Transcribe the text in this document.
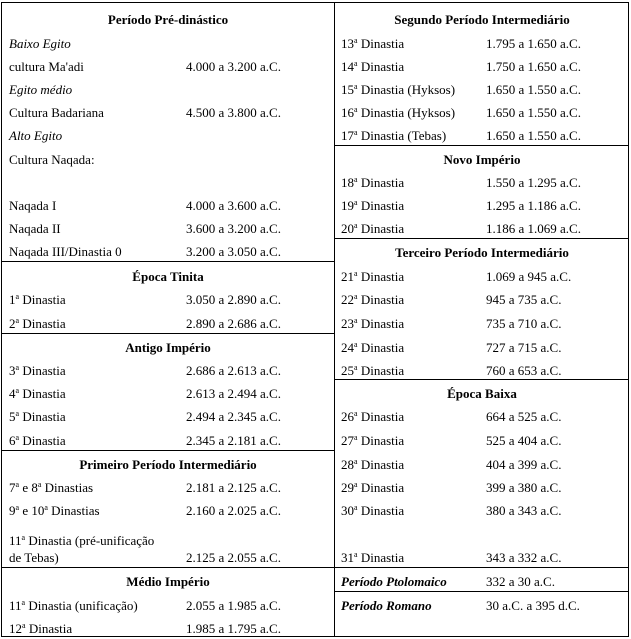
Período Pré-dinástico
Baixo Egito
cultura Ma'adi	4.000 a 3.200 a.C.
Egito médio
Cultura Badariana	4.500 a 3.800 a.C.
Alto Egito
Cultura Naqada:
Naqada I	4.000 a 3.600 a.C.
Naqada II	3.600 a 3.200 a.C.
Naqada III/Dinastia 0	3.200 a 3.050 a.C.
Época Tinita
1$^a$ Dinastia	3.050 a 2.890 a.C.
2$^a$ Dinastia	2.890 a 2.686 a.C.
Antigo Império
3$^a$ Dinastia	2.686 a 2.613 a.C.
4$^a$ Dinastia	2.613 a 2.494 a.C.
5$^a$ Dinastia	2.494 a 2.345 a.C.
6$^a$ Dinastia	2.345 a 2.181 a.C.
Primeiro Período Intermediário
7$^a$ e 8$^a$ Dinastias	2.181 a 2.125 a.C.
9$^a$ e 10$^a$ Dinastias	2.160 a 2.025 a.C.
11$^a$ Dinastia (pré-unificação
de Tebas)	2.125 a 2.055 a.C.
Médio Império
11$^a$ Dinastia (unificação)	2.055 a 1.985 a.C.
12$^a$ Dinastia	1.985 a 1.795 a.C.
Segundo Período Intermediário
13$^a$ Dinastia	1.795 a 1.650 a.C.
14$^a$ Dinastia	1.750 a 1.650 a.C.
15$^a$ Dinastia (Hyksos) 1.650 a 1.550 a.C.
16$^a$ Dinastia (Hyksos) 1.650 a 1.550 a.C.
17$^a$ Dinastia (Tebas)	1.650 a 1.550 a.C.
Novo Império
18$^a$ Dinastia	1.550 a 1.295 a.C.
19$^a$ Dinastia	1.295 a 1.186 a.C.
20$^a$ Dinastia	1.186 a 1.069 a.C.
Terceiro Período Intermediário
21$^a$ Dinastia	1.069 a 945 a.C.
22$^a$ Dinastia	945 a 735 a.C.
23$^a$ Dinastia	735 a 710 a.C.
24$^a$ Dinastia	727 a 715 a.C.
25$^a$ Dinastia	760 a 653 a.C.
Época Baixa
26$^a$ Dinastia	664 a 525 a.C.
27$^a$ Dinastia	525 a 404 a.C.
28$^a$ Dinastia	404 a 399 a.C.
29$^a$ Dinastia	399 a 380 a.C.
30$^a$ Dinastia	380 a 343 a.C.
31$^a$ Dinastia	343 a 332 a.C.
Período Ptolomaico	332 a 30 a.C.
Período Romano	30 a.C. a 395 d.C.
